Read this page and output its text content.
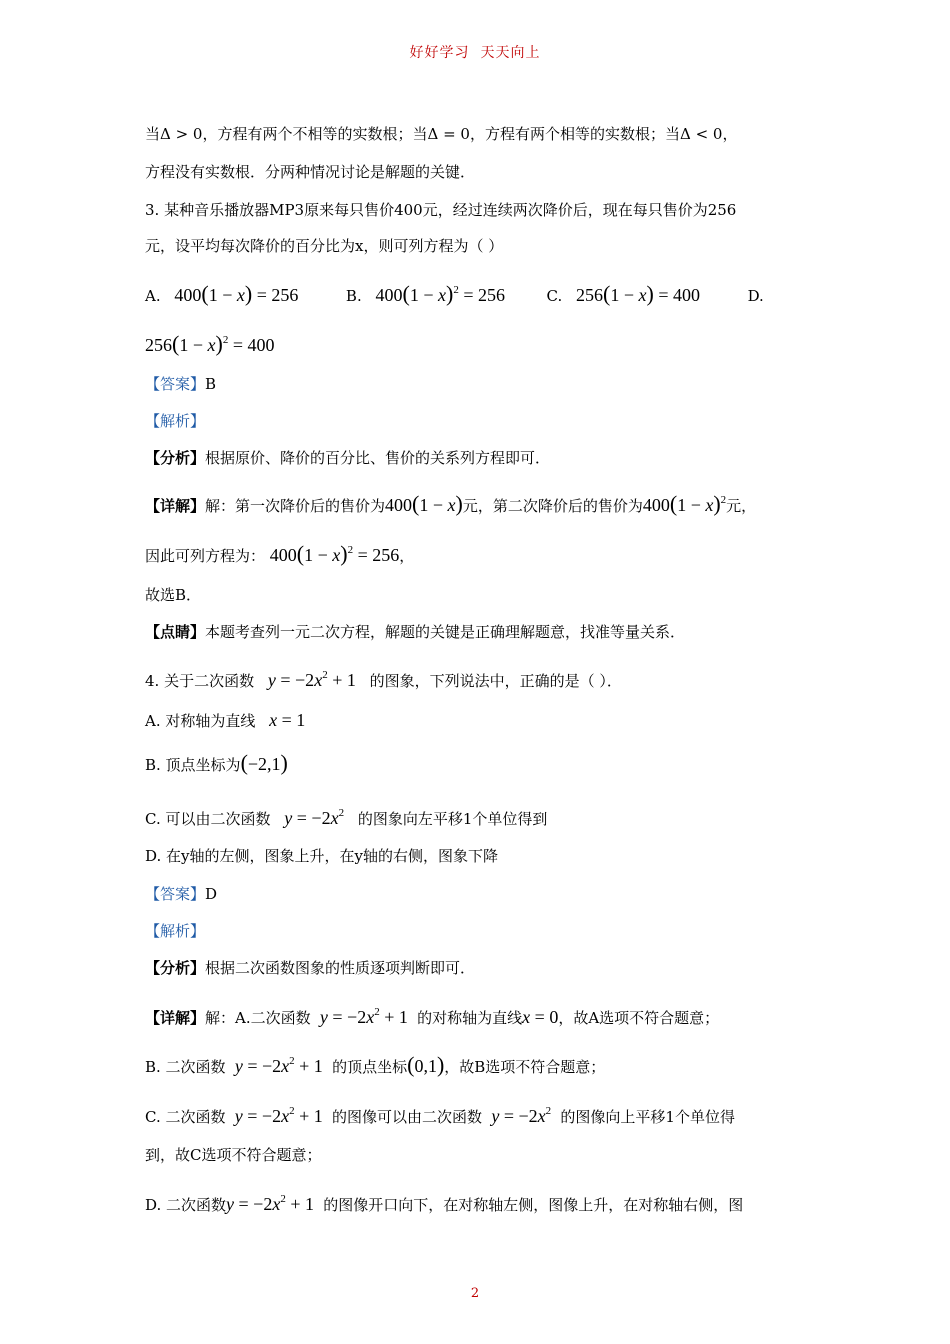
好好学习  天天向上
当Δ > 0，方程有两个不相等的实数根；当Δ = 0，方程有两个相等的实数根；当Δ < 0，
方程没有实数根．分两种情况讨论是解题的关键．
3. 某种音乐播放器MP3原来每只售价400元，经过连续两次降价后，现在每只售价为256
元，设平均每次降价的百分比为x，则可列方程为（ ）
A.   400(1 − x) = 256	B.   $400(1 - x)^2 = 256$	C.   256(1 − x) = 400	D.
$256(1 - x)^2 = 400$
【答案】B
【解析】
【分析】根据原价、降价的百分比、售价的关系列方程即可．
【详解】解：第一次降价后的售价为400(1 − x)元，第二次降价后的售价为$400(1 - x)^2$元，
因此可列方程为： $400(1 - x)^2 = 256$，
故选B．
【点睛】本题考查列一元二次方程，解题的关键是正确理解题意，找准等量关系．
4. 关于二次函数 $y = -2x^2 + 1$   的图象，下列说法中，正确的是（ ）．
A. 对称轴为直线 x = 1
B. 顶点坐标为(−2,1)
C. 可以由二次函数 $y = -2x^2$ 的图象向左平移1个单位得到
D. 在y轴的左侧，图象上升，在y轴的右侧，图象下降
【答案】D
【解析】
【分析】根据二次函数图象的性质逐项判断即可．
【详解】解：A.二次函数 $y = -2x^2 + 1$  的对称轴为直线x = 0，故A选项不符合题意；
B. 二次函数 $y = -2x^2 + 1$  的顶点坐标(0,1)，故B选项不符合题意；
C. 二次函数 $y = -2x^2 + 1$  的图像可以由二次函数 $y = -2x^2$ 的图像向上平移1个单位得
到，故C选项不符合题意；
D. 二次函数$y = -2x^2 + 1$  的图像开口向下，在对称轴左侧，图像上升，在对称轴右侧，图
2
